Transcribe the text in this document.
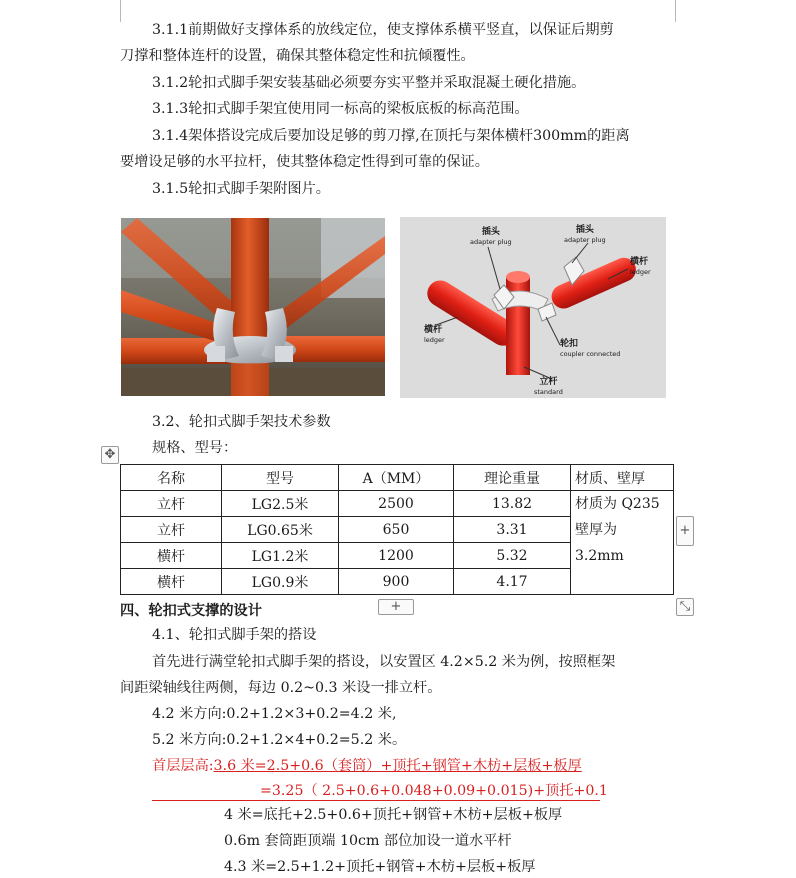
3.1.1前期做好支撑体系的放线定位，使支撑体系横平竖直，以保证后期剪
刀撑和整体连杆的设置，确保其整体稳定性和抗倾覆性。
3.1.2轮扣式脚手架安装基础必须要夯实平整并采取混凝土硬化措施。
3.1.3轮扣式脚手架宜使用同一标高的梁板底板的标高范围。
3.1.4架体搭设完成后要加设足够的剪刀撑,在顶托与架体横杆300mm的距离
要增设足够的水平拉杆，使其整体稳定性得到可靠的保证。
3.1.5轮扣式脚手架附图片。
插头
adapter plug
插头
adapter plug
横杆
ledger
横杆
ledger	轮扣
coupler connected
立杆
standard
3.2、轮扣式脚手架技术参数
规格、型号：
✥
名称	型号	A（MM）	理论重量	材质、壁厚
立杆	LG2.5米	2500	13.82	材质为 Q235
壁厚为
3.2mm

立杆	LG0.65米	650	3.31	
横杆	LG1.2米	1200	5.32	
横杆	LG0.9米	900	4.17	
+
+	⤡
四、轮扣式支撑的设计
4.1、轮扣式脚手架的搭设
首先进行满堂轮扣式脚手架的搭设，以安置区 4.2×5.2 米为例，按照框架
间距梁轴线往两侧，每边 0.2~0.3 米设一排立杆。
4.2 米方向:0.2+1.2×3+0.2=4.2 米,
5.2 米方向:0.2+1.2×4+0.2=5.2 米。
首层层高:3.6 米=2.5+0.6（套筒）+顶托+钢管+木枋+层板+板厚
=3.25（ 2.5+0.6+0.048+0.09+0.015)+顶托+0.1
4 米=底托+2.5+0.6+顶托+钢管+木枋+层板+板厚
0.6m 套筒距顶端 10cm 部位加设一道水平杆
4.3 米=2.5+1.2+顶托+钢管+木枋+层板+板厚
